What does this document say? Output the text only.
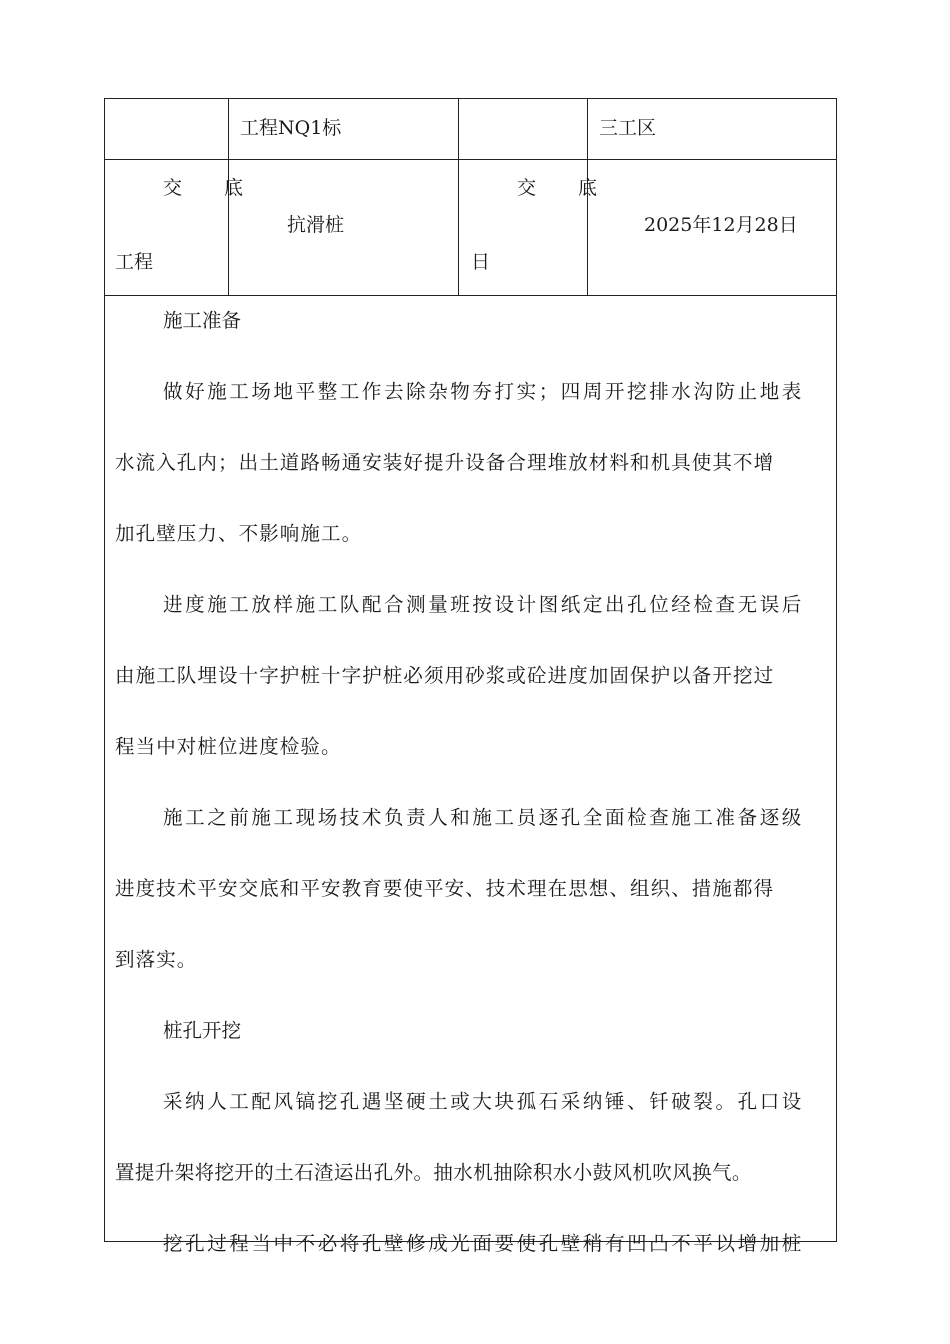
工程NQ1标	三工区
交 底
工程
抗滑桩
交 底
日
2025年12月28日
施工准备
做好施工场地平整工作去除杂物夯打实；四周开挖排水沟防止地表
水流入孔内；出土道路畅通安装好提升设备合理堆放材料和机具使其不增
加孔壁压力、不影响施工。
进度施工放样施工队配合测量班按设计图纸定出孔位经检查无误后
由施工队埋设十字护桩十字护桩必须用砂浆或砼进度加固保护以备开挖过
程当中对桩位进度检验。
施工之前施工现场技术负责人和施工员逐孔全面检查施工准备逐级
进度技术平安交底和平安教育要使平安、技术理在思想、组织、措施都得
到落实。
桩孔开挖
采纳人工配风镐挖孔遇坚硬土或大块孤石采纳锤、钎破裂。孔口设
置提升架将挖开的土石渣运出孔外。抽水机抽除积水小鼓风机吹风换气。
挖孔过程当中不必将孔壁修成光面要使孔壁稍有凹凸不平以增加桩
